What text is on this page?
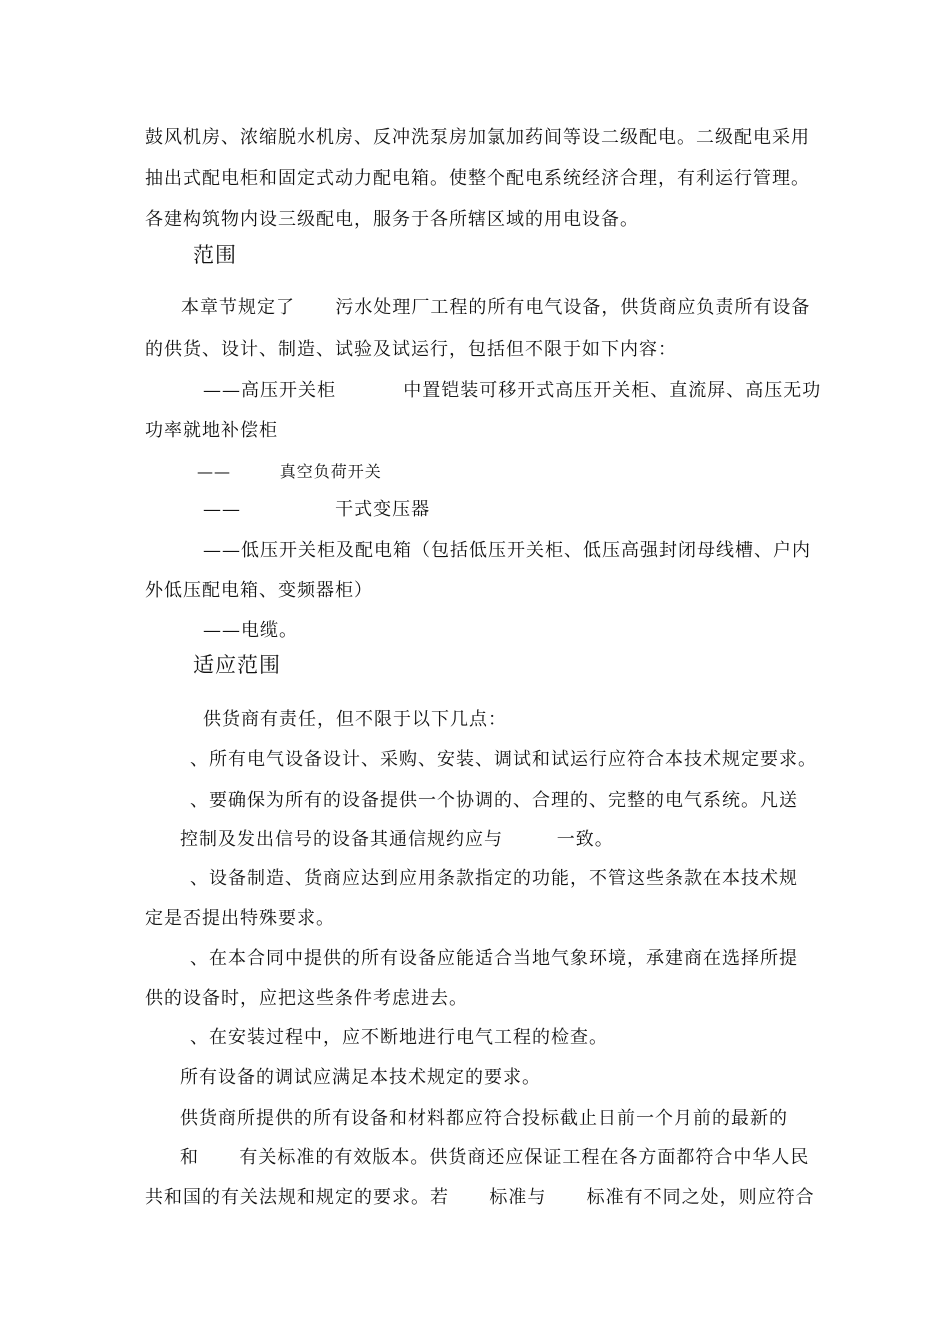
鼓风机房、浓缩脱水机房、反冲洗泵房加氯加药间等设二级配电。二级配电采用
抽出式配电柜和固定式动力配电箱。使整个配电系统经济合理，有利运行管理。
各建构筑物内设三级配电，服务于各所辖区域的用电设备。
范围
本章节规定了      污水处理厂工程的所有电气设备，供货商应负责所有设备
的供货、设计、制造、试验及试运行，包括但不限于如下内容：
——高压开关柜          中置铠装可移开式高压开关柜、直流屏、高压无功
功率就地补偿柜
——        真空负荷开关
——              干式变压器
——低压开关柜及配电箱（包括低压开关柜、低压高强封闭母线槽、户内
外低压配电箱、变频器柜）
——电缆。
适应范围
供货商有责任，但不限于以下几点：
、所有电气设备设计、采购、安装、调试和试运行应符合本技术规定要求。
、要确保为所有的设备提供一个协调的、合理的、完整的电气系统。凡送
控制及发出信号的设备其通信规约应与        一致。
、设备制造、货商应达到应用条款指定的功能，不管这些条款在本技术规
定是否提出特殊要求。
、在本合同中提供的所有设备应能适合当地气象环境，承建商在选择所提
供的设备时，应把这些条件考虑进去。
、在安装过程中，应不断地进行电气工程的检查。
所有设备的调试应满足本技术规定的要求。
供货商所提供的所有设备和材料都应符合投标截止日前一个月前的最新的
和      有关标准的有效版本。供货商还应保证工程在各方面都符合中华人民
共和国的有关法规和规定的要求。若      标准与      标准有不同之处，则应符合
